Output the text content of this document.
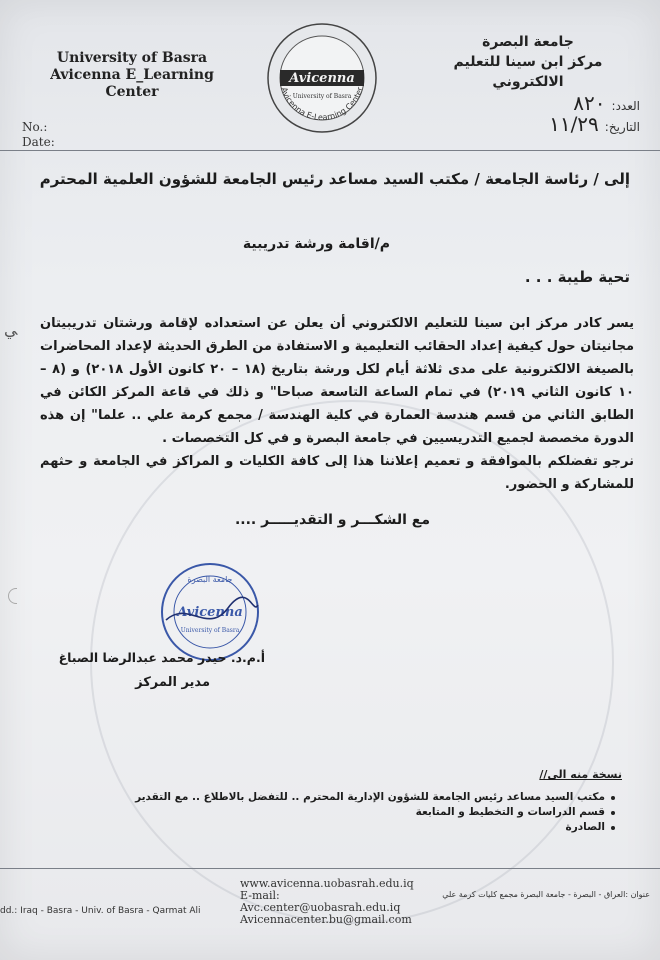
University of Basra
Avicenna E_Learning Center	Avicenna E-Learning Center
Avicenna
University of Basra
جامعة البصرة
مركز ابن سينا للتعليم الالكتروني
العدد:٨٢٠
التاريخ:١١/٢٩
No.:
Date:
إلى / رئاسة الجامعة / مكتب السيد مساعد رئيس الجامعة للشؤون العلمية المحترم
م/اقامة ورشة تدريبية
تحية طيبة . . .

يسر كادر مركز ابن سينا للتعليم الالكتروني أن يعلن عن استعداده لإقامة ورشتان تدريبيتان مجانيتان حول كيفية إعداد الحقائب التعليمية و الاستفادة من الطرق الحديثة لإعداد المحاضرات بالصيغة الالكترونية على مدى ثلاثة أيام لكل ورشة بتاريخ (١٨ – ٢٠ كانون الأول ٢٠١٨) و (٨ – ١٠ كانون الثاني ٢٠١٩) في تمام الساعة التاسعة صباحا" و ذلك في قاعة المركز الكائن في الطابق الثاني من قسم هندسة العمارة في كلية الهندسة / مجمع كرمة علي .. علما" إن هذه الدورة مخصصة لجميع التدريسيين في جامعة البصرة و في كل التخصصات .

نرجو تفضلكم بالموافقة و تعميم إعلاننا هذا إلى كافة الكليات و المراكز في الجامعة و حثهم للمشاركة و الحضور.

مع الشكـــر و التقديـــــر ....
جامعة البصرة
Avicenna
University of Basra
أ.م.د. حيدر محمد عبدالرضا الصباغ
مدير المركز
نسخة منه الى//
مكتب السيد مساعد رئيس الجامعة للشؤون الإدارية المحترم .. للتفضل بالاطلاع .. مع التقدير
قسم الدراسات و التخطيط و المتابعة
الصادرة
www.avicenna.uobasrah.edu.iq
E-mail: Avc.center@uobasrah.edu.iq
Avicennacenter.bu@gmail.com
dd.: Iraq - Basra - Univ. of Basra - Qarmat Ali
عنوان :العراق - البصرة - جامعة البصرة مجمع كليات كرمة علي
ﻲ
